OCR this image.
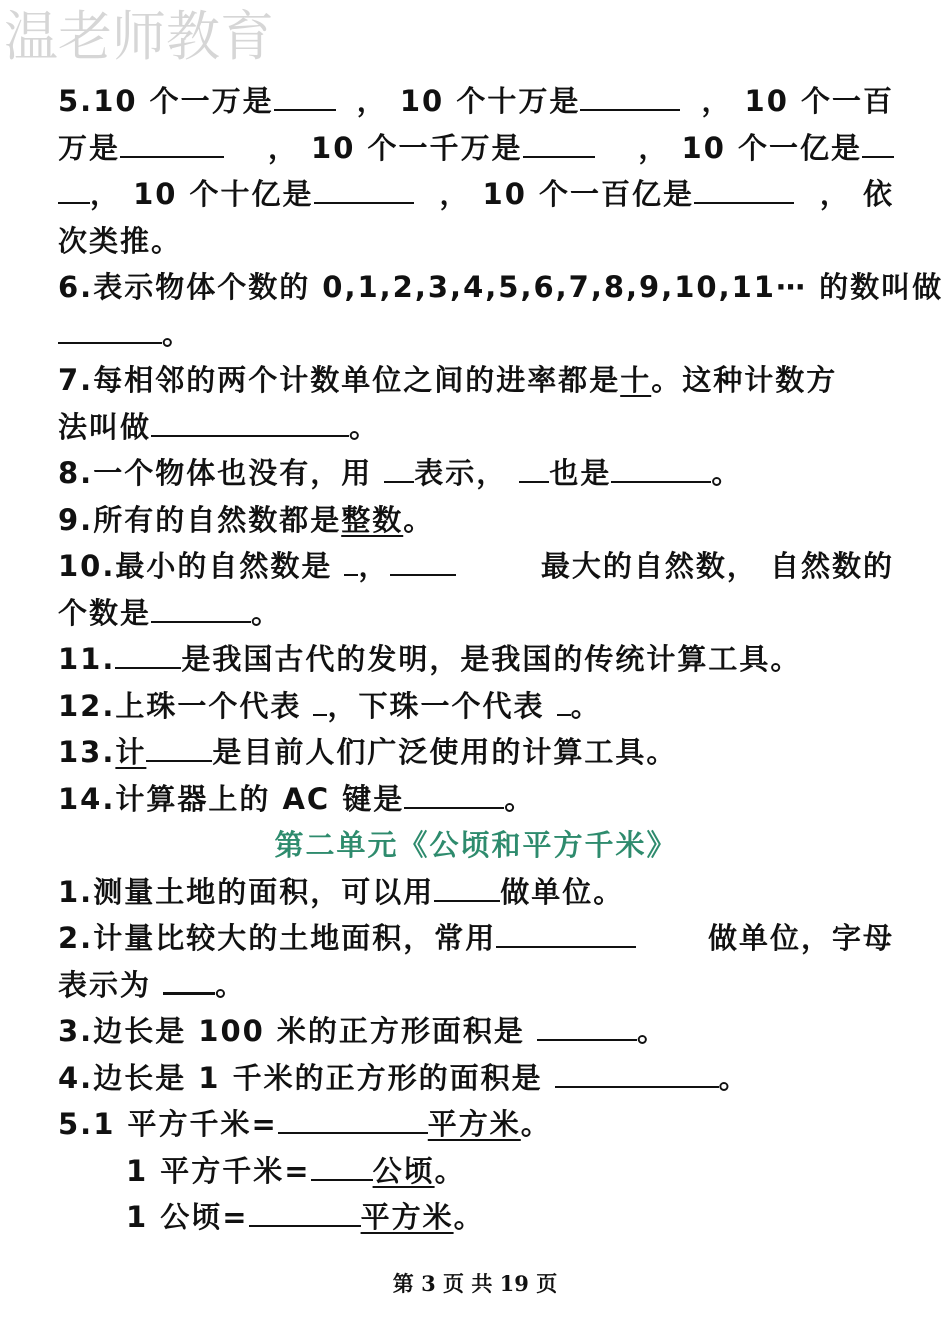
温老师教育
5.10 个一万是	， 10 个十万是	， 10 个一百
万是	， 10 个一千万是	， 10 个一亿是
， 10 个十亿是	， 10 个一百亿是	， 依
次类推。
6.表示物体个数的 0,1,2,3,4,5,6,7,8,9,10,11⋯ 的数叫做
。
7.每相邻的两个计数单位之间的进率都是十。这种计数方
法叫做	。
8.一个物体也没有，用 表示， 也是	。
9.所有的自然数都是整数。
10.最小的自然数是 ，	最大的自然数， 自然数的
个数是	。
11. 是我国古代的发明，是我国的传统计算工具。
12.上珠一个代表 ，下珠一个代表 。
13.计 是目前人们广泛使用的计算工具。
14.计算器上的 AC 键是	。
第二单元《公顷和平方千米》
1.测量土地的面积，可以用 做单位。
2.计量比较大的土地面积，常用	做单位，字母
表示为 。
3.边长是 100 米的正方形面积是	。
4.边长是 1 千米的正方形的面积是	。
5.1 平方千米=	平方米。
1 平方千米= 公顷。
1 公顷=	平方米。
第 3 页 共 19 页
